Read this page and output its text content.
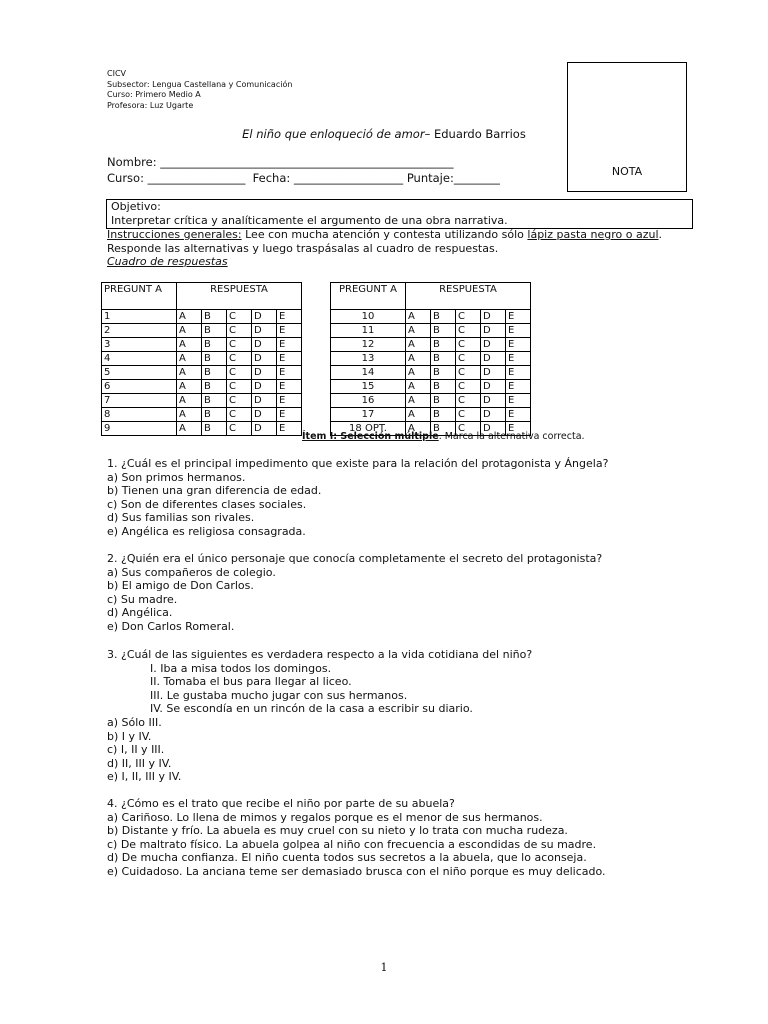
CICV
Subsector: Lengua Castellana y Comunicación
Curso: Primero Medio A
Profesora: Luz Ugarte
NOTA
El niño que enloqueció de amor– Eduardo Barrios
Nombre: ___________________________________________________
Curso: _________________  Fecha: ___________________ Puntaje:________
Objetivo:
Interpretar crítica y analíticamente el argumento de una obra narrativa.
Instrucciones generales: Lee con mucha atención y contesta utilizando sólo lápiz pasta negro o azul.
Responde las alternativas y luego traspásalas al cuadro de respuestas.
Cuadro de respuestas
PREGUNT A	RESPUESTA				
1	A	B	C	D	E
2	A	B	C	D	E
3	A	B	C	D	E
4	A	B	C	D	E
5	A	B	C	D	E
6	A	B	C	D	E
7	A	B	C	D	E
8	A	B	C	D	E
9	A	B	C	D	E
PREGUNT A	RESPUESTA				
10	A	B	C	D	E
11	A	B	C	D	E
12	A	B	C	D	E
13	A	B	C	D	E
14	A	B	C	D	E
15	A	B	C	D	E
16	A	B	C	D	E
17	A	B	C	D	E
18 OPT.	A	B	C	D	E
Ítem I: Selección múltiple. Marca la alternativa correcta.
1. ¿Cuál es el principal impedimento que existe para la relación del protagonista y Ángela?
a) Son primos hermanos.
b) Tienen una gran diferencia de edad.
c) Son de diferentes clases sociales.
d) Sus familias son rivales.
e) Angélica es religiosa consagrada.
2. ¿Quién era el único personaje que conocía completamente el secreto del protagonista?
a) Sus compañeros de colegio.
b) El amigo de Don Carlos.
c) Su madre.
d) Angélica.
e) Don Carlos Romeral.
3. ¿Cuál de las siguientes es verdadera respecto a la vida cotidiana del niño?
I. Iba a misa todos los domingos.
II. Tomaba el bus para llegar al liceo.
III. Le gustaba mucho jugar con sus hermanos.
IV. Se escondía en un rincón de la casa a escribir su diario.
a) Sólo III.
b) I y IV.
c) I, II y III.
d) II, III y IV.
e) I, II, III y IV.
4. ¿Cómo es el trato que recibe el niño por parte de su abuela?
a) Cariñoso. Lo llena de mimos y regalos porque es el menor de sus hermanos.
b) Distante y frío. La abuela es muy cruel con su nieto y lo trata con mucha rudeza.
c) De maltrato físico. La abuela golpea al niño con frecuencia a escondidas de su madre.
d) De mucha confianza. El niño cuenta todos sus secretos a la abuela, que lo aconseja.
e) Cuidadoso. La anciana teme ser demasiado brusca con el niño porque es muy delicado.
1
